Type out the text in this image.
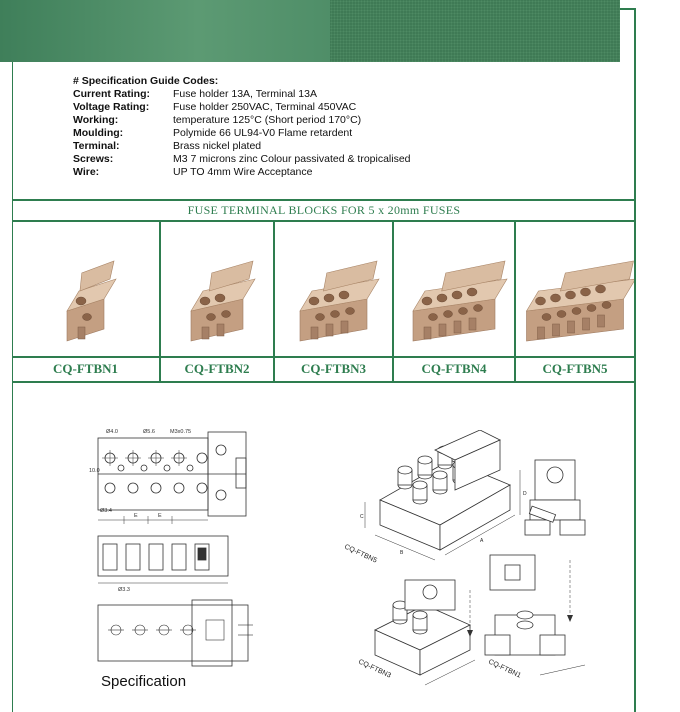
# Specification Guide Codes:
Current Rating:	Fuse holder 13A, Terminal 13A
Voltage Rating:	Fuse holder 250VAC, Terminal 450VAC
Working:	temperature 125°C (Short period 170°C)
Moulding:	Polymide 66 UL94-V0 Flame retardent
Terminal:	Brass nickel plated
Screws:	M3 7 microns zinc Colour passivated & tropicalised
Wire:	UP TO 4mm Wire Acceptance
FUSE TERMINAL BLOCKS FOR 5 x 20mm FUSES
CQ-FTBN1	CQ-FTBN2	CQ-FTBN3	CQ-FTBN4	CQ-FTBN5
Ø4.0	Ø5.6	M3x0.75
Ø3.4
10.0
E	E
Ø3.3
CQ-FTBN5
CQ-FTBN3	CQ-FTBN1
C
B
A
D
Specification
